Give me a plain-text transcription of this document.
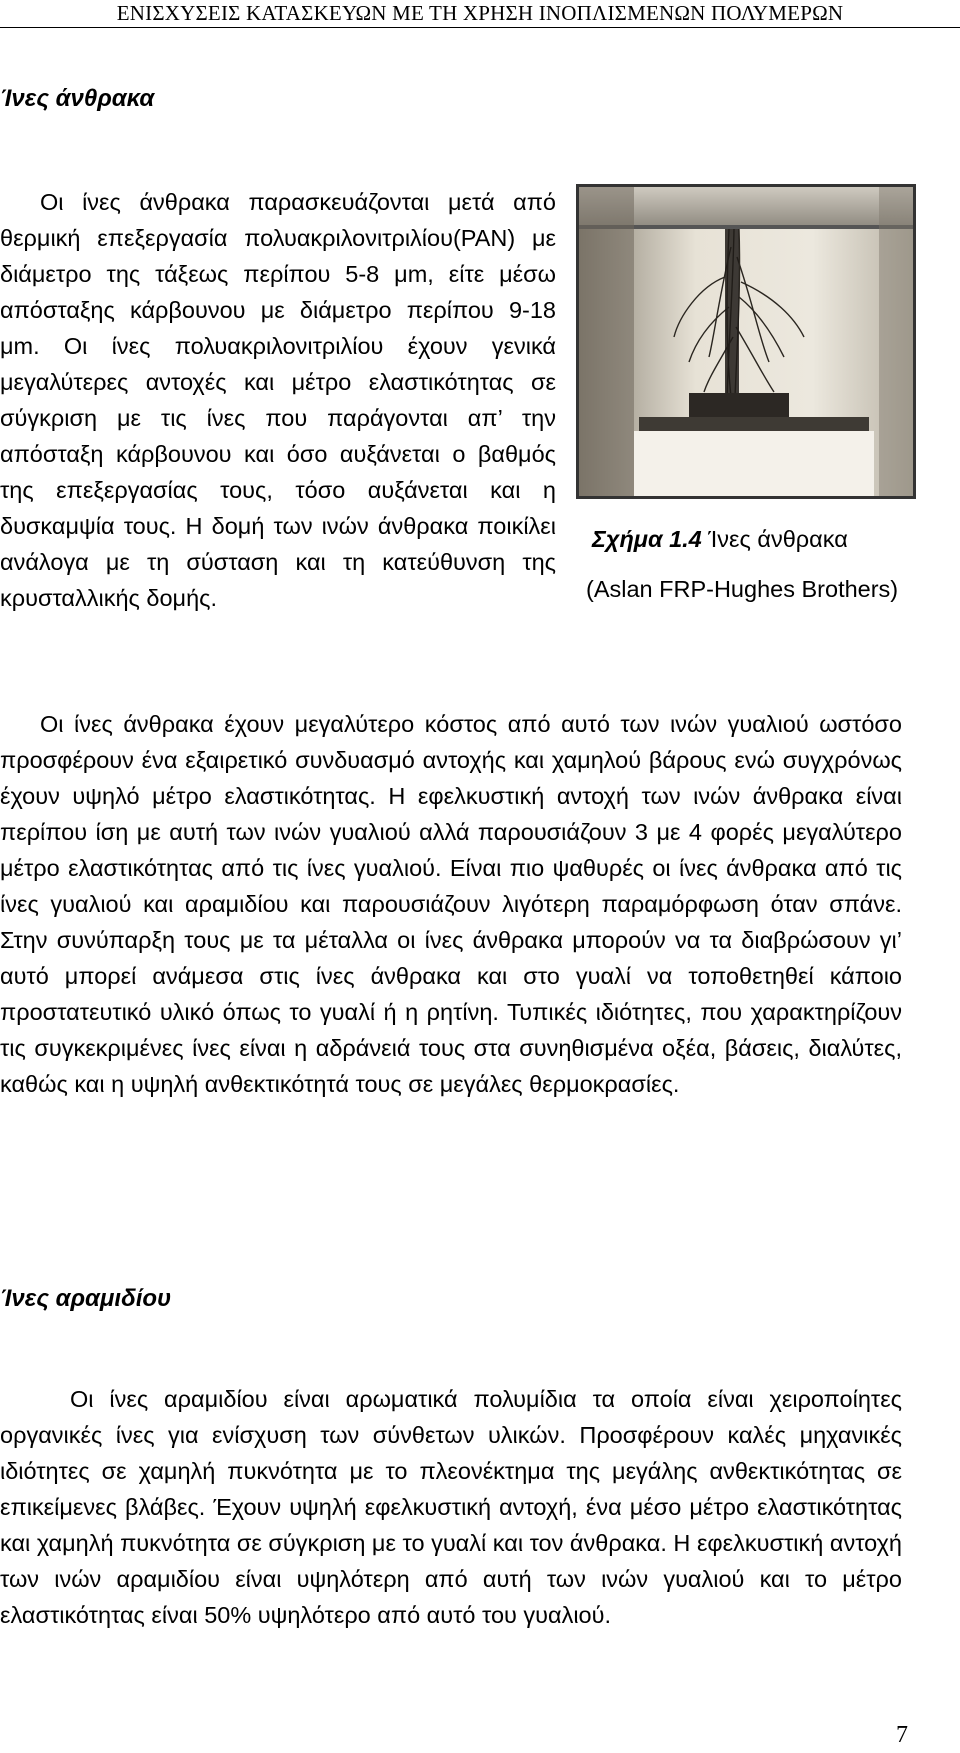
ΕΝΙΣΧΥΣΕΙΣ ΚΑΤΑΣΚΕΥΩΝ ΜΕ ΤΗ ΧΡΗΣΗ ΙΝΟΠΛΙΣΜΕΝΩΝ ΠΟΛΥΜΕΡΩΝ
Ίνες άνθρακα

Οι ίνες άνθρακα παρασκευάζονται μετά από θερμική επεξεργασία πολυακριλονιτριλίου(PAN) με διάμετρο της τάξεως περίπου 5-8 μm, είτε μέσω απόσταξης κάρβουνου με διάμετρο περίπου 9-18 μm. Οι ίνες πολυακριλονιτριλίου έχουν γενικά μεγαλύτερες αντοχές και μέτρο ελαστικότητας σε σύγκριση με τις ίνες που παράγονται απ’ την απόσταξη κάρβουνου και όσο αυξάνεται ο βαθμός της επεξεργασίας τους, τόσο αυξάνεται και η δυσκαμψία τους. Η δομή των ινών άνθρακα ποικίλει ανάλογα με τη σύσταση και τη κατεύθυνση της κρυσταλλικής δομής.

Σχήμα 1.4 Ίνες άνθρακα
(Aslan FRP-Hughes Brothers)

Οι ίνες άνθρακα έχουν μεγαλύτερο κόστος από αυτό των ινών γυαλιού ωστόσο προσφέρουν ένα εξαιρετικό συνδυασμό αντοχής και χαμηλού βάρους ενώ συγχρόνως έχουν υψηλό μέτρο ελαστικότητας. Η εφελκυστική αντοχή των ινών άνθρακα είναι περίπου ίση με αυτή των ινών γυαλιού αλλά παρουσιάζουν 3 με 4 φορές μεγαλύτερο μέτρο ελαστικότητας από τις ίνες γυαλιού. Είναι πιο ψαθυρές οι ίνες άνθρακα από τις ίνες γυαλιού και αραμιδίου και παρουσιάζουν λιγότερη παραμόρφωση όταν σπάνε. Στην συνύπαρξη τους με τα μέταλλα οι ίνες άνθρακα μπορούν να τα διαβρώσουν γι’ αυτό μπορεί ανάμεσα στις ίνες άνθρακα και στο γυαλί να τοποθετηθεί κάποιο προστατευτικό υλικό όπως το γυαλί ή η ρητίνη. Τυπικές ιδιότητες, που χαρακτηρίζουν τις συγκεκριμένες ίνες είναι η αδράνειά τους στα συνηθισμένα οξέα, βάσεις, διαλύτες, καθώς και η υψηλή ανθεκτικότητά τους σε μεγάλες θερμοκρασίες.

Ίνες αραμιδίου

Οι ίνες αραμιδίου είναι αρωματικά πολυμίδια τα οποία είναι χειροποίητες οργανικές ίνες για ενίσχυση των σύνθετων υλικών. Προσφέρουν καλές μηχανικές ιδιότητες σε χαμηλή πυκνότητα με το πλεονέκτημα της μεγάλης ανθεκτικότητας σε επικείμενες βλάβες. Έχουν υψηλή εφελκυστική αντοχή, ένα μέσο μέτρο ελαστικότητας και χαμηλή πυκνότητα σε σύγκριση με το γυαλί και τον άνθρακα. Η εφελκυστική αντοχή των ινών αραμιδίου είναι υψηλότερη από αυτή των ινών γυαλιού και το μέτρο ελαστικότητας είναι 50% υψηλότερο από αυτό του γυαλιού.

7
